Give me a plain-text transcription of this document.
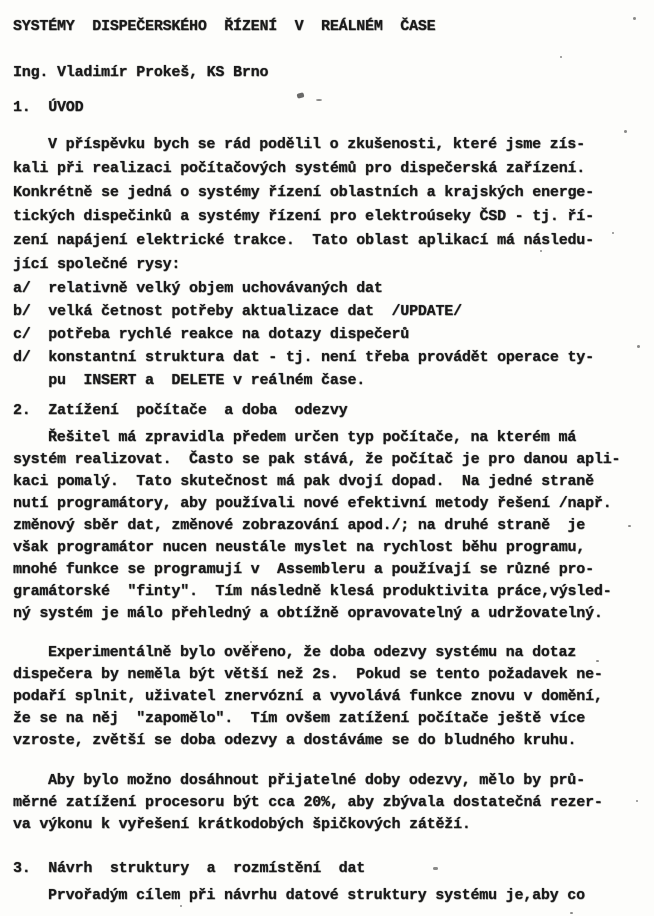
SYSTÉMY  DISPEČERSKÉHO  ŘÍZENÍ  V  REÁLNÉM  ČASE
Ing. Vladimír Prokeš, KS Brno
1.  ÚVOD
V příspěvku bych se rád podělil o zkušenosti, které jsme zís-
kali při realizaci počítačových systémů pro dispečerská zařízení.
Konkrétně se jedná o systémy řízení oblastních a krajských energe-
tických dispečinků a systémy řízení pro elektroúseky ČSD - tj. ří-
zení napájení elektrické trakce.  Tato oblast aplikací má následu-
jící společné rysy:
a/  relativně velký objem uchovávaných dat
b/  velká četnost potřeby aktualizace dat  /UPDATE/
c/  potřeba rychlé reakce na dotazy dispečerů
d/  konstantní struktura dat - tj. není třeba provádět operace ty-
pu  INSERT a  DELETE v reálném čase.
2.  Zatížení  počítače  a doba  odezvy
Řešitel má zpravidla předem určen typ počítače, na kterém má
systém realizovat.  Často se pak stává, že počítač je pro danou apli-
kaci pomalý.  Tato skutečnost má pak dvojí dopad.  Na jedné straně
nutí programátory, aby používali nové efektivní metody řešení /např.
změnový sběr dat, změnové zobrazování apod./; na druhé straně  je
však programátor nucen neustále myslet na rychlost běhu programu,
mnohé funkce se programují v  Assembleru a používají se různé pro-
gramátorské  "finty".  Tím následně klesá produktivita práce,výsled-
ný systém je málo přehledný a obtížně opravovatelný a udržovatelný.
Experimentálně bylo ověřeno, že doba odezvy systému na dotaz
dispečera by neměla být větší než 2s.  Pokud se tento požadavek ne-
podaří splnit, uživatel znervózní a vyvolává funkce znovu v domění,
že se na něj  "zapomělo".  Tím ovšem zatížení počítače ještě více
vzroste, zvětší se doba odezvy a dostáváme se do bludného kruhu.
Aby bylo možno dosáhnout přijatelné doby odezvy, mělo by prů-
měrné zatížení procesoru být cca 20%, aby zbývala dostatečná rezer-
va výkonu k vyřešení krátkodobých špičkových zátěží.
3.  Návrh  struktury  a  rozmístění  dat
Prvořadým cílem při návrhu datové struktury systému je,aby co
